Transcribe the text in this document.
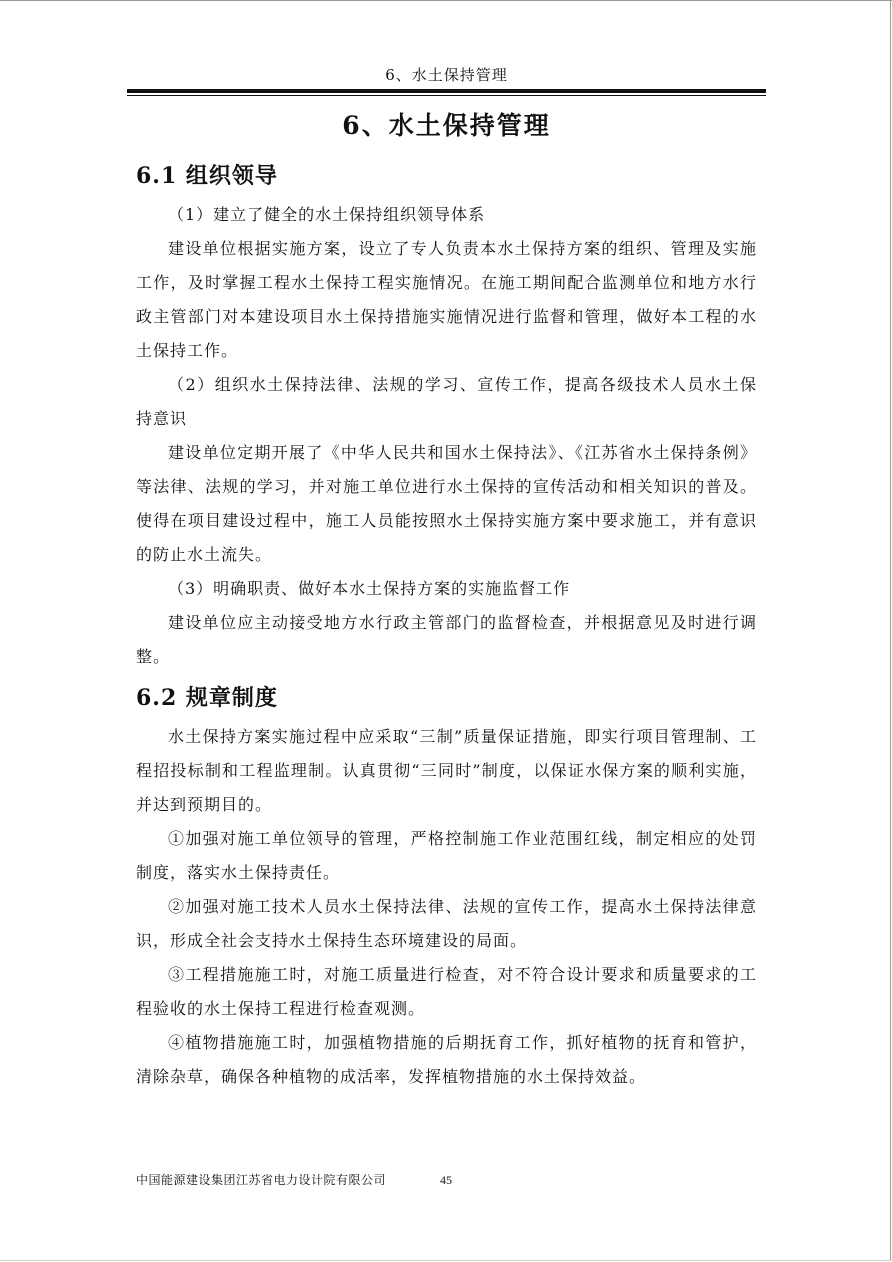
6、水土保持管理
6、水土保持管理
6.1 组织领导

（1）建立了健全的水土保持组织领导体系

建设单位根据实施方案，设立了专人负责本水土保持方案的组织、管理及实施工作，及时掌握工程水土保持工程实施情况。在施工期间配合监测单位和地方水行政主管部门对本建设项目水土保持措施实施情况进行监督和管理，做好本工程的水土保持工作。

（2）组织水土保持法律、法规的学习、宣传工作，提高各级技术人员水土保持意识

建设单位定期开展了《中华人民共和国水土保持法》、《江苏省水土保持条例》等法律、法规的学习，并对施工单位进行水土保持的宣传活动和相关知识的普及。使得在项目建设过程中，施工人员能按照水土保持实施方案中要求施工，并有意识的防止水土流失。

（3）明确职责、做好本水土保持方案的实施监督工作

建设单位应主动接受地方水行政主管部门的监督检查，并根据意见及时进行调整。

6.2 规章制度

水土保持方案实施过程中应采取“三制”质量保证措施，即实行项目管理制、工程招投标制和工程监理制。认真贯彻“三同时”制度，以保证水保方案的顺利实施，并达到预期目的。

①加强对施工单位领导的管理，严格控制施工作业范围红线，制定相应的处罚制度，落实水土保持责任。

②加强对施工技术人员水土保持法律、法规的宣传工作，提高水土保持法律意识，形成全社会支持水土保持生态环境建设的局面。

③工程措施施工时，对施工质量进行检查，对不符合设计要求和质量要求的工程验收的水土保持工程进行检查观测。

④植物措施施工时，加强植物措施的后期抚育工作，抓好植物的抚育和管护，清除杂草，确保各种植物的成活率，发挥植物措施的水土保持效益。

中国能源建设集团江苏省电力设计院有限公司	45
